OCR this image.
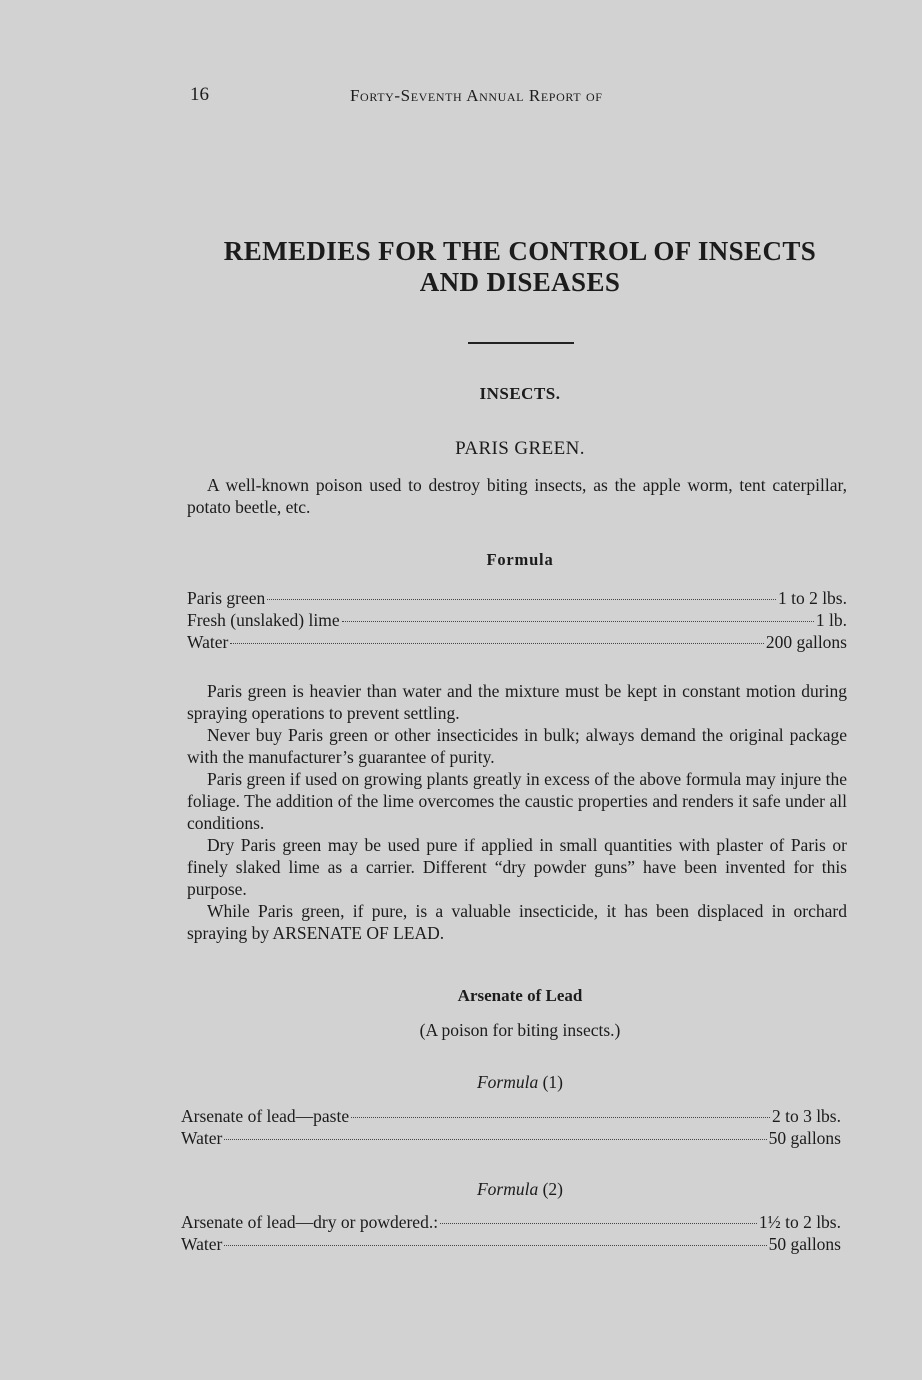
16	Forty-Seventh Annual Report of
REMEDIES FOR THE CONTROL OF INSECTS
AND DISEASES
INSECTS.
PARIS GREEN.

A well-known poison used to destroy biting insects, as the apple worm, tent caterpillar, potato beetle, etc.

Formula
Paris green	1 to 2 lbs.
Fresh (unslaked) lime	1 lb.
Water	200 gallons

Paris green is heavier than water and the mixture must be kept in constant motion during spraying operations to prevent settling.

Never buy Paris green or other insecticides in bulk; always demand the original package with the manufacturer’s guarantee of purity.

Paris green if used on growing plants greatly in excess of the above formula may injure the foliage. The addition of the lime overcomes the caustic properties and renders it safe under all conditions.

Dry Paris green may be used pure if applied in small quantities with plaster of Paris or finely slaked lime as a carrier. Different “dry powder guns” have been invented for this purpose.

While Paris green, if pure, is a valuable insecticide, it has been displaced in orchard spraying by ARSENATE OF LEAD.

Arsenate of Lead
(A poison for biting insects.)
Formula (1)
Arsenate of lead—paste	2 to 3 lbs.
Water	50 gallons
Formula (2)
Arsenate of lead—dry or powdered.:	1½ to 2 lbs.
Water	50 gallons
